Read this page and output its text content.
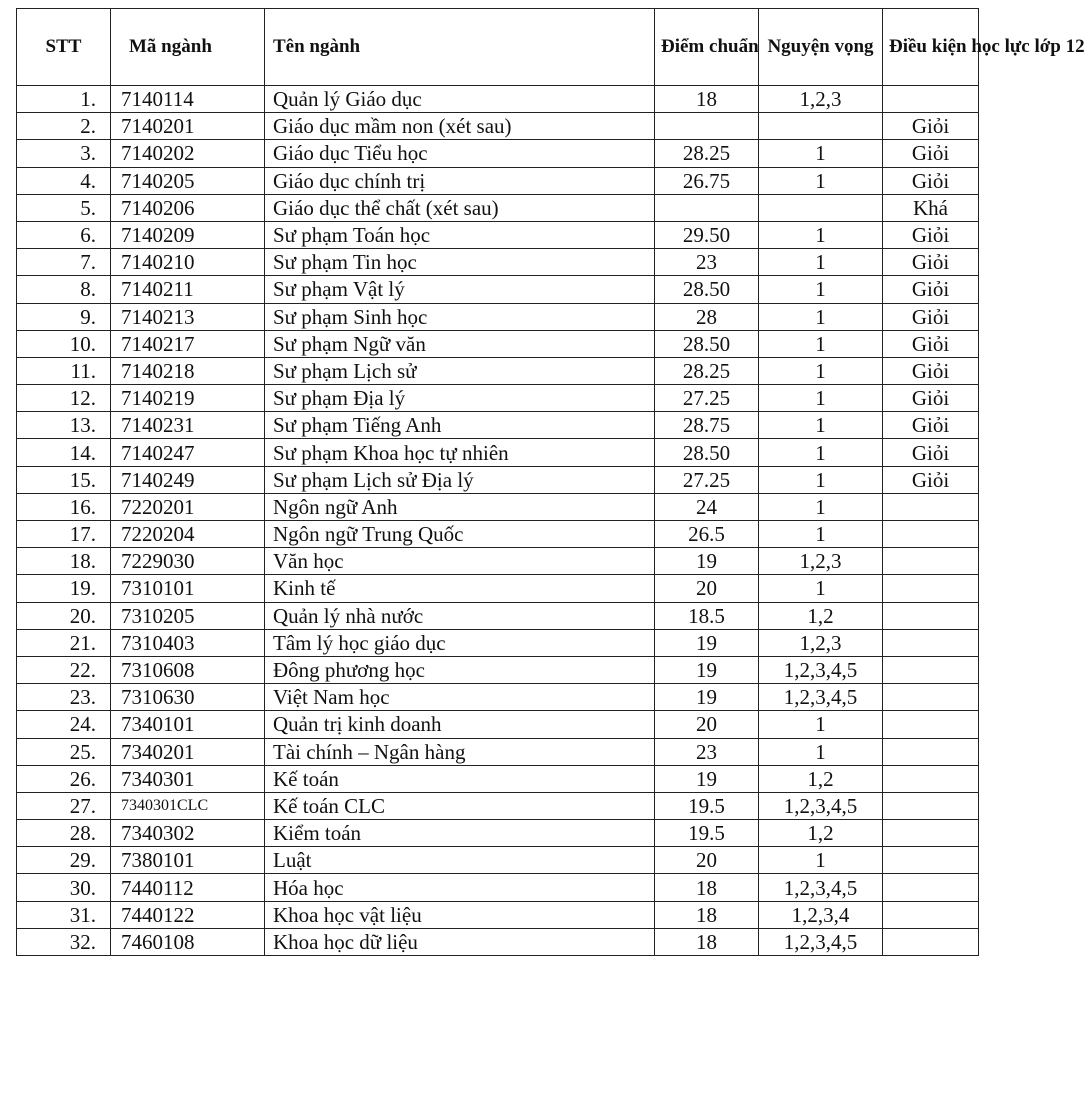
STT	Mã ngành	Tên ngành	Điểm chuẩn	Nguyện vọng	Điều kiện học lực lớp 12
1.	7140114	Quản lý Giáo dục	18	1,2,3	
2.	7140201	Giáo dục mầm non (xét sau)			Giỏi
3.	7140202	Giáo dục Tiểu học	28.25	1	Giỏi
4.	7140205	Giáo dục chính trị	26.75	1	Giỏi
5.	7140206	Giáo dục thể chất (xét sau)			Khá
6.	7140209	Sư phạm Toán học	29.50	1	Giỏi
7.	7140210	Sư phạm Tin học	23	1	Giỏi
8.	7140211	Sư phạm Vật lý	28.50	1	Giỏi
9.	7140213	Sư phạm Sinh học	28	1	Giỏi
10.	7140217	Sư phạm Ngữ văn	28.50	1	Giỏi
11.	7140218	Sư phạm Lịch sử	28.25	1	Giỏi
12.	7140219	Sư phạm Địa lý	27.25	1	Giỏi
13.	7140231	Sư phạm Tiếng Anh	28.75	1	Giỏi
14.	7140247	Sư phạm Khoa học tự nhiên	28.50	1	Giỏi
15.	7140249	Sư phạm Lịch sử Địa lý	27.25	1	Giỏi
16.	7220201	Ngôn ngữ Anh	24	1	
17.	7220204	Ngôn ngữ Trung Quốc	26.5	1	
18.	7229030	Văn học	19	1,2,3	
19.	7310101	Kinh tế	20	1	
20.	7310205	Quản lý nhà nước	18.5	1,2	
21.	7310403	Tâm lý học giáo dục	19	1,2,3	
22.	7310608	Đông phương học	19	1,2,3,4,5	
23.	7310630	Việt Nam học	19	1,2,3,4,5	
24.	7340101	Quản trị kinh doanh	20	1	
25.	7340201	Tài chính – Ngân hàng	23	1	
26.	7340301	Kế toán	19	1,2	
27.	7340301CLC	Kế toán CLC	19.5	1,2,3,4,5	
28.	7340302	Kiểm toán	19.5	1,2	
29.	7380101	Luật	20	1	
30.	7440112	Hóa học	18	1,2,3,4,5	
31.	7440122	Khoa học vật liệu	18	1,2,3,4	
32.	7460108	Khoa học dữ liệu	18	1,2,3,4,5	
